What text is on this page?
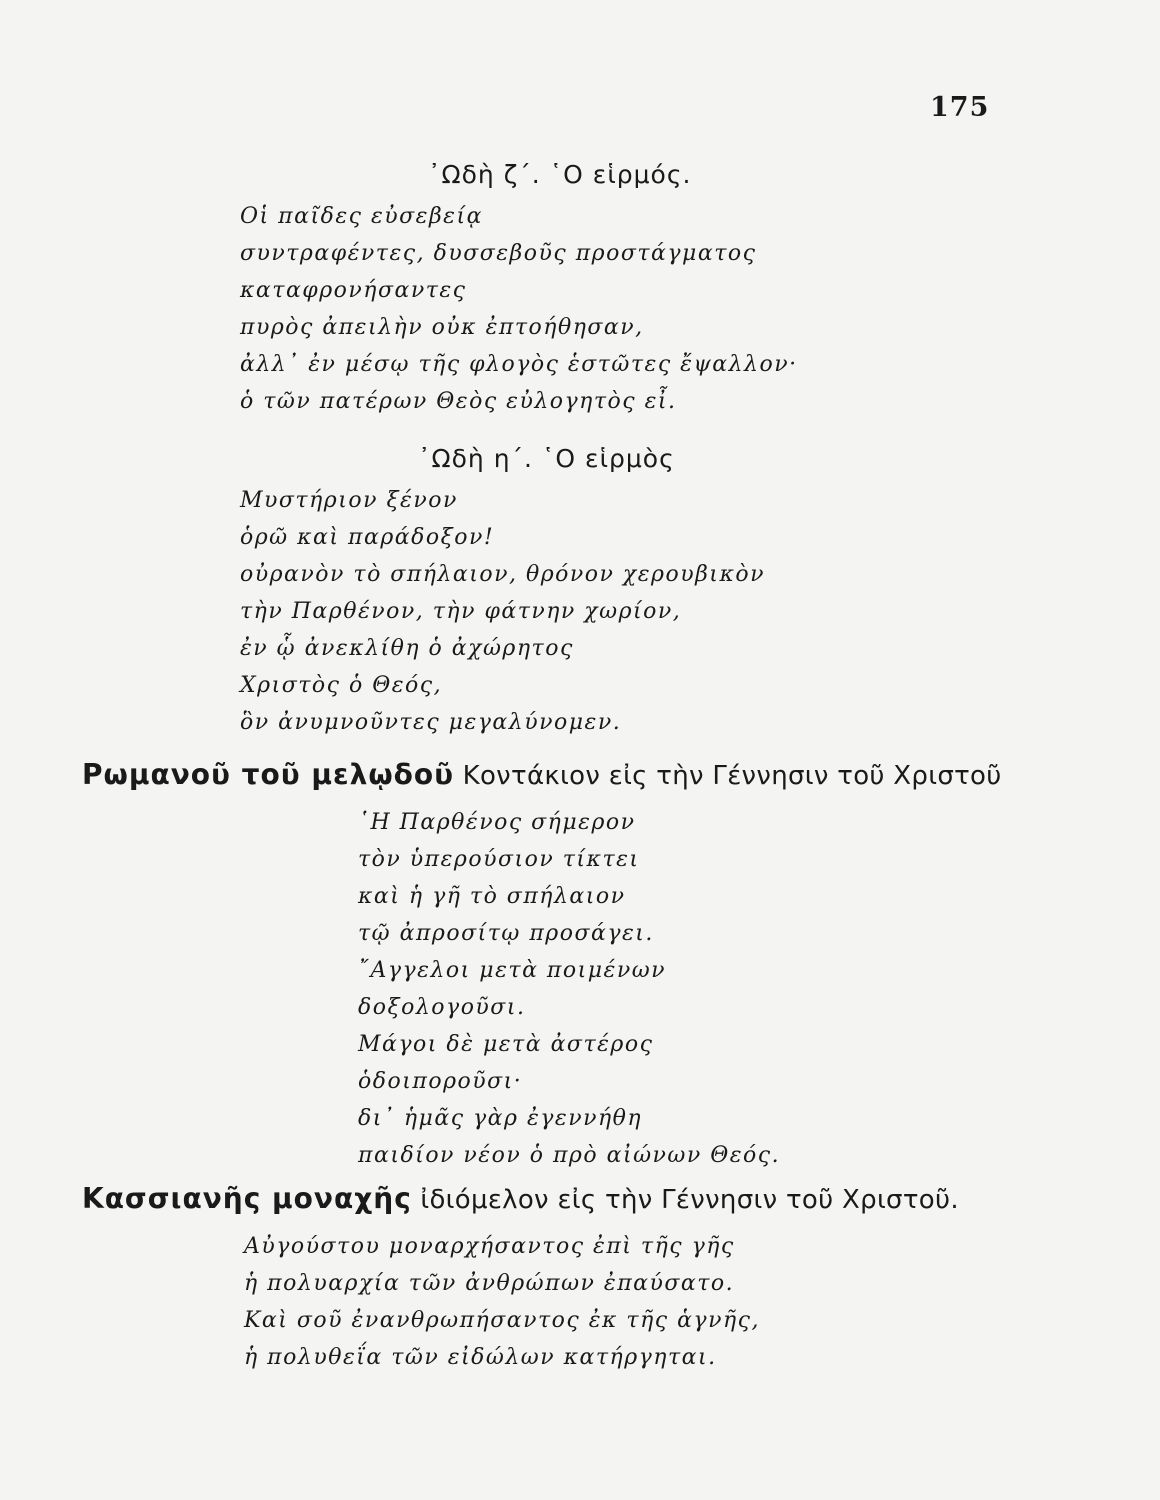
175
᾿Ωδὴ ζ΄. ῾Ο εἱρμός.
Οἱ παῖδες εὐσεβείᾳ
συντραφέντες, δυσσεβοῦς προστάγματος
καταφρονήσαντες
πυρὸς ἀπειλὴν οὐκ ἐπτοήθησαν,
ἀλλ᾿ ἐν μέσῳ τῆς φλογὸς ἑστῶτες ἔψαλλον·
ὁ τῶν πατέρων Θεὸς εὐλογητὸς εἶ.
᾿Ωδὴ η΄. ῾Ο εἱρμὸς
Μυστήριον ξένον
ὁρῶ καὶ παράδοξον!
οὐρανὸν τὸ σπήλαιον, θρόνον χερουβικὸν
τὴν Παρθένον, τὴν φάτνην χωρίον,
ἐν ᾧ ἀνεκλίθη ὁ ἀχώρητος
Χριστὸς ὁ Θεός,
ὃν ἀνυμνοῦντες μεγαλύνομεν.
Ρωμανοῦ τοῦ μελῳδοῦ Κοντάκιον εἰς τὴν Γέννησιν τοῦ Χριστοῦ
῾Η Παρθένος σήμερον
τὸν ὑπερούσιον τίκτει
καὶ ἡ γῆ τὸ σπήλαιον
τῷ ἀπροσίτῳ προσάγει.
῎Αγγελοι μετὰ ποιμένων
δοξολογοῦσι.
Μάγοι δὲ μετὰ ἀστέρος
ὁδοιποροῦσι·
δι᾿ ἡμᾶς γὰρ ἐγεννήθη
παιδίον νέον ὁ πρὸ αἰώνων Θεός.
Κασσιανῆς μοναχῆς ἰδιόμελον εἰς τὴν Γέννησιν τοῦ Χριστοῦ.
Αὐγούστου μοναρχήσαντος ἐπὶ τῆς γῆς
ἡ πολυαρχία τῶν ἀνθρώπων ἐπαύσατο.
Καὶ σοῦ ἐνανθρωπήσαντος ἐκ τῆς ἁγνῆς,
ἡ πολυθεΐα τῶν εἰδώλων κατήργηται.
